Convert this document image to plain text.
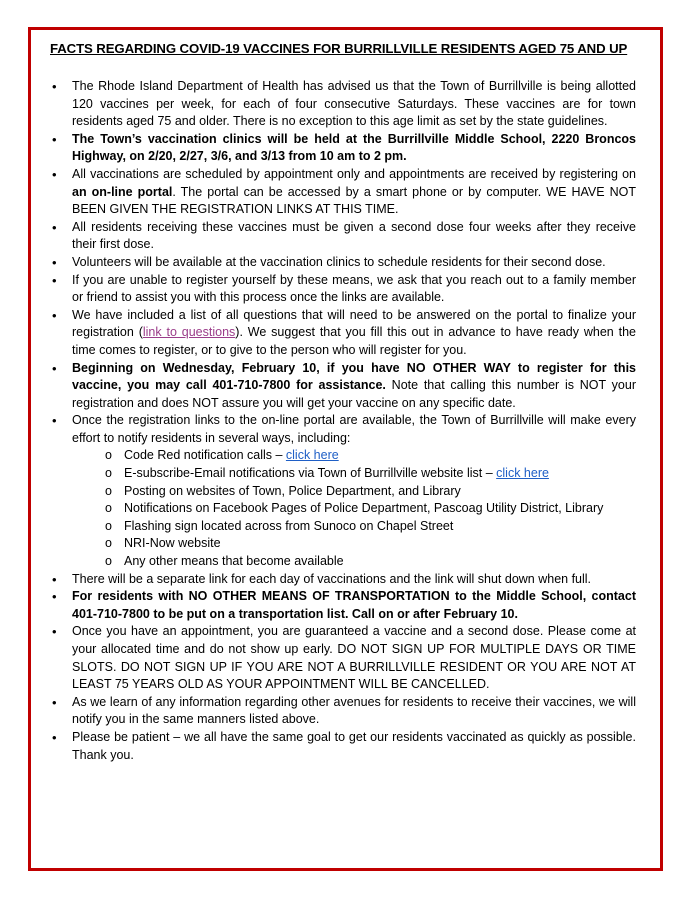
FACTS REGARDING COVID-19 VACCINES FOR BURRILLVILLE RESIDENTS AGED 75 AND UP
• The Rhode Island Department of Health has advised us that the Town of Burrillville is being allotted 120 vaccines per week, for each of four consecutive Saturdays. These vaccines are for town residents aged 75 and older. There is no exception to this age limit as set by the state guidelines.
• The Town’s vaccination clinics will be held at the Burrillville Middle School, 2220 Broncos Highway, on 2/20, 2/27, 3/6, and 3/13 from 10 am to 2 pm.
• All vaccinations are scheduled by appointment only and appointments are received by registering on an on-line portal. The portal can be accessed by a smart phone or by computer. WE HAVE NOT BEEN GIVEN THE REGISTRATION LINKS AT THIS TIME.
• All residents receiving these vaccines must be given a second dose four weeks after they receive their first dose.
• Volunteers will be available at the vaccination clinics to schedule residents for their second dose.
• If you are unable to register yourself by these means, we ask that you reach out to a family member or friend to assist you with this process once the links are available.
• We have included a list of all questions that will need to be answered on the portal to finalize your registration (link to questions). We suggest that you fill this out in advance to have ready when the time comes to register, or to give to the person who will register for you.
• Beginning on Wednesday, February 10, if you have NO OTHER WAY to register for this vaccine, you may call 401-710-7800 for assistance. Note that calling this number is NOT your registration and does NOT assure you will get your vaccine on any specific date.
• Once the registration links to the on-line portal are available, the Town of Burrillville will make every effort to notify residents in several ways, including:
o Code Red notification calls – click here
o E-subscribe-Email notifications via Town of Burrillville website list – click here
o Posting on websites of Town, Police Department, and Library
o Notifications on Facebook Pages of Police Department, Pascoag Utility District, Library
o Flashing sign located across from Sunoco on Chapel Street
o NRI-Now website
o Any other means that become available
• There will be a separate link for each day of vaccinations and the link will shut down when full.
• For residents with NO OTHER MEANS OF TRANSPORTATION to the Middle School, contact 401-710-7800 to be put on a transportation list. Call on or after February 10.
• Once you have an appointment, you are guaranteed a vaccine and a second dose. Please come at your allocated time and do not show up early. DO NOT SIGN UP FOR MULTIPLE DAYS OR TIME SLOTS. DO NOT SIGN UP IF YOU ARE NOT A BURRILLVILLE RESIDENT OR YOU ARE NOT AT LEAST 75 YEARS OLD AS YOUR APPOINTMENT WILL BE CANCELLED.
• As we learn of any information regarding other avenues for residents to receive their vaccines, we will notify you in the same manners listed above.
• Please be patient – we all have the same goal to get our residents vaccinated as quickly as possible.        Thank you.
